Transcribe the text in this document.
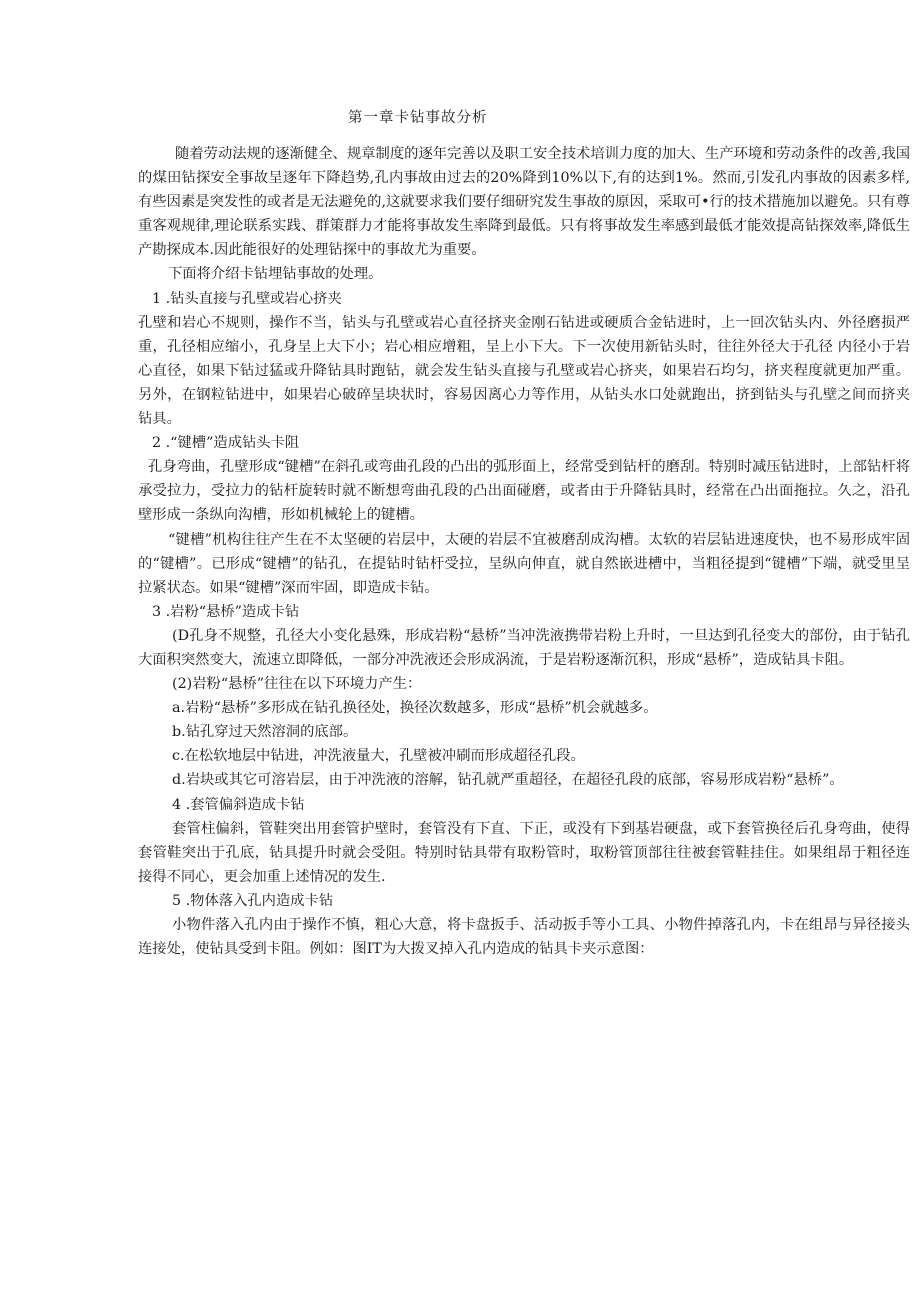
第一章卡钻事故分析

随着劳动法规的逐渐健全、规章制度的逐年完善以及职工安全技术培训力度的加大、生产环境和劳动条件的改善,我国的煤田钻探安全事故呈逐年下降趋势,孔内事故由过去的20%降到10%以下,有的达到1%。然而,引发孔内事故的因素多样,有些因素是突发性的或者是无法避免的,这就要求我们要仔细研究发生事故的原因，采取可•行的技术措施加以避免。只有尊重客观规律,理论联系实践、群策群力才能将事故发生率降到最低。只有将事故发生率感到最低才能效提高钻探效率,降低生产勘探成本.因此能很好的处理钻探中的事故尤为重要。

下面将介绍卡钻埋钻事故的处理。

1 .钻头直接与孔壁或岩心挤夹

孔壁和岩心不规则，操作不当，钻头与孔壁或岩心直径挤夹金刚石钻进或硬质合金钻进时，上一回次钻头内、外径磨损严重，孔径相应缩小，孔身呈上大下小；岩心相应增粗，呈上小下大。下一次使用新钻头时，往往外径大于孔径 内径小于岩心直径，如果下钻过猛或升降钻具时跑钻，就会发生钻头直接与孔壁或岩心挤夹，如果岩石均匀，挤夹程度就更加严重。另外，在钢粒钻进中，如果岩心破碎呈块状时，容易因离心力等作用，从钻头水口处就跑出，挤到钻头与孔壁之间而挤夹钻具。

2 .“键槽”造成钻头卡阻

孔身弯曲，孔壁形成“键槽”在斜孔或弯曲孔段的凸出的弧形面上，经常受到钻杆的磨刮。特别时减压钻进时，上部钻杆将承受拉力，受拉力的钻杆旋转时就不断想弯曲孔段的凸出面碰磨，或者由于升降钻具时，经常在凸出面拖拉。久之，沿孔壁形成一条纵向沟槽，形如机械轮上的键槽。

“键槽”机构往往产生在不太坚硬的岩层中，太硬的岩层不宜被磨刮成沟槽。太软的岩层钻进速度快，也不易形成牢固的“键槽”。已形成“键槽”的钻孔，在提钻时钻杆受拉，呈纵向伸直，就自然嵌进槽中，当粗径提到“键槽”下端，就受里呈拉紧状态。如果“键槽”深而牢固，即造成卡钻。

3 .岩粉“悬桥”造成卡钻

(D孔身不规整，孔径大小变化悬殊，形成岩粉“悬桥”当冲洗液携带岩粉上升时，一旦达到孔径变大的部份，由于钻孔大面积突然变大，流速立即降低，一部分冲洗液还会形成涡流，于是岩粉逐渐沉积，形成“悬桥”，造成钻具卡阻。

(2)岩粉“悬桥”往往在以下环境力产生：

a.岩粉“悬桥”多形成在钻孔换径处，换径次数越多，形成“悬桥”机会就越多。

b.钻孔穿过天然溶洞的底部。

c.在松软地层中钻进，冲洗液量大，孔壁被冲刷而形成超径孔段。

d.岩块或其它可溶岩层，由于冲洗液的溶解，钻孔就严重超径，在超径孔段的底部，容易形成岩粉“悬桥”。

4 .套管偏斜造成卡钻

套管柱偏斜，管鞋突出用套管护壁时，套管没有下直、下正，或没有下到基岩硬盘，或下套管换径后孔身弯曲，使得套管鞋突出于孔底，钻具提升时就会受阻。特别时钻具带有取粉管时，取粉管顶部往往被套管鞋挂住。如果组昂于粗径连接得不同心，更会加重上述情况的发生.

5 .物体落入孔内造成卡钻

小物件落入孔内由于操作不慎，粗心大意，将卡盘扳手、活动扳手等小工具、小物件掉落孔内，卡在组昂与异径接头连接处，使钻具受到卡阻。例如：图IT为大拨叉掉入孔内造成的钻具卡夹示意图：
